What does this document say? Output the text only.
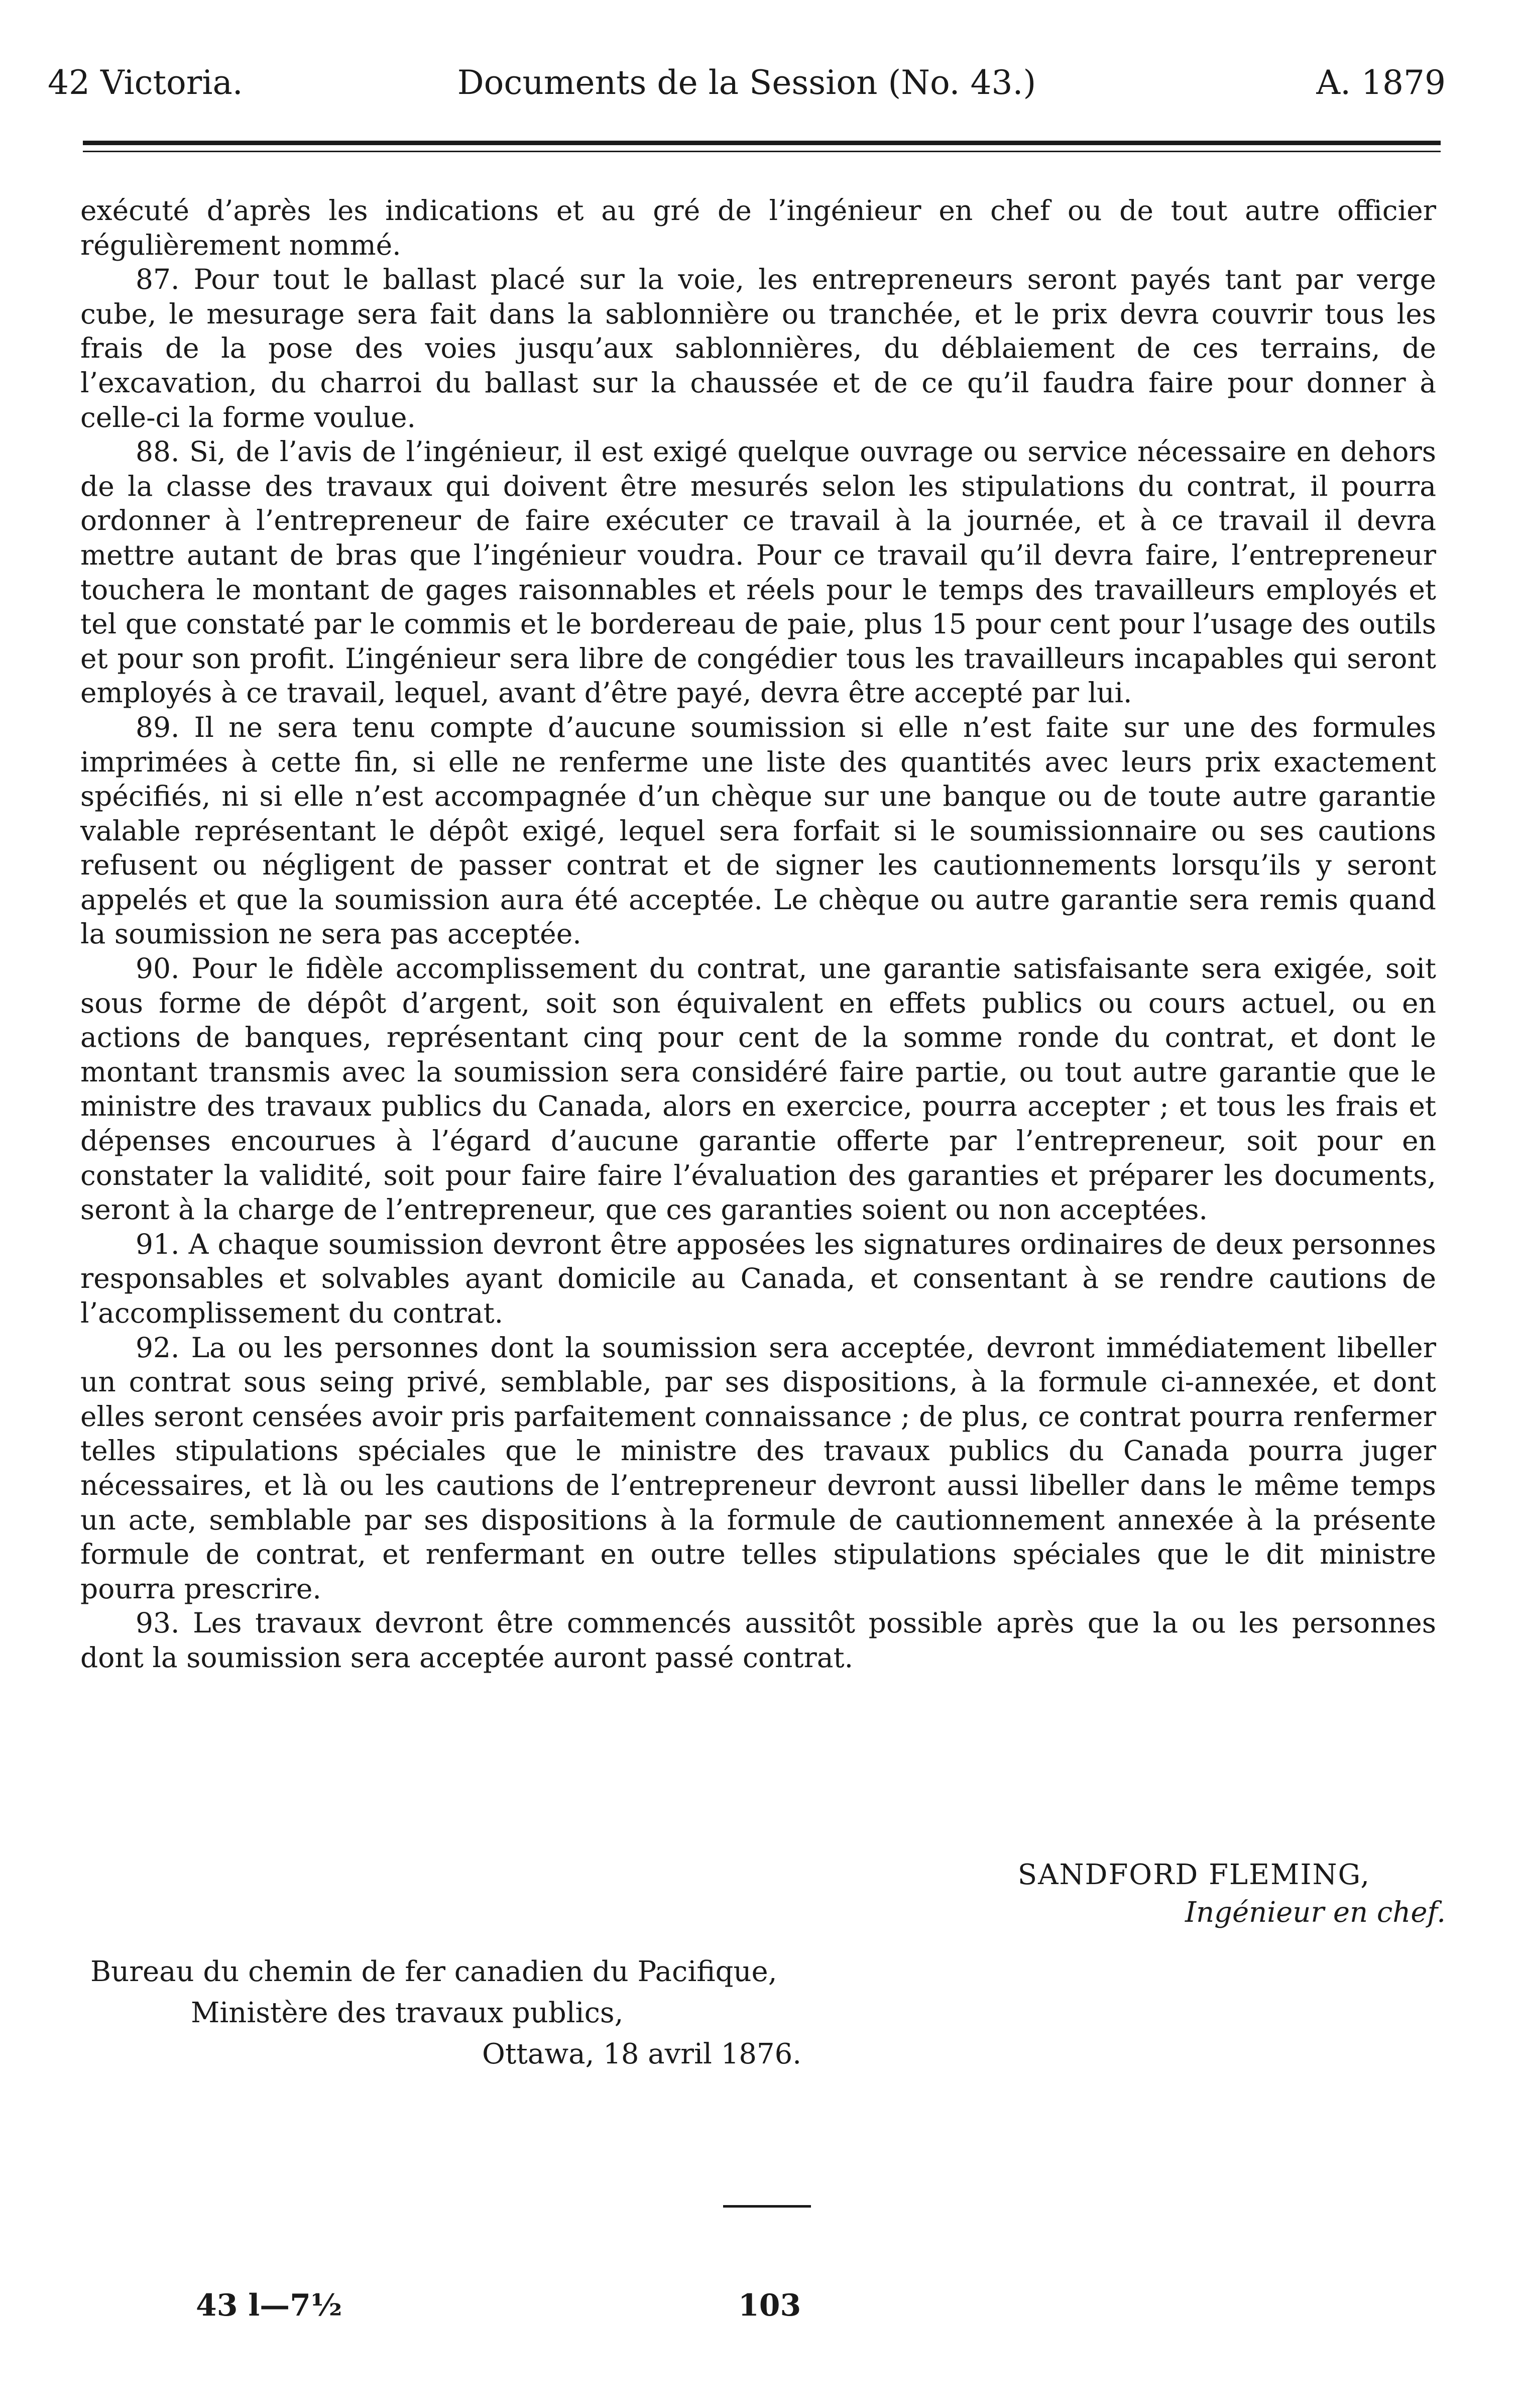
42 Victoria.	Documents de la Session (No. 43.)	A. 1879

exécuté d’après les indications et au gré de l’ingénieur en chef ou de tout autre officier régulièrement nommé.

87. Pour tout le ballast placé sur la voie, les entrepreneurs seront payés tant par verge cube, le mesurage sera fait dans la sablonnière ou tranchée, et le prix devra couvrir tous les frais de la pose des voies jusqu’aux sablonnières, du déblaiement de ces terrains, de l’excavation, du charroi du ballast sur la chaussée et de ce qu’il faudra faire pour donner à celle-ci la forme voulue.

88. Si, de l’avis de l’ingénieur, il est exigé quelque ouvrage ou service nécessaire en dehors de la classe des travaux qui doivent être mesurés selon les stipulations du contrat, il pourra ordonner à l’entrepreneur de faire exécuter ce travail à la journée, et à ce travail il devra mettre autant de bras que l’ingénieur voudra. Pour ce travail qu’il devra faire, l’entrepreneur touchera le montant de gages raisonnables et réels pour le temps des travailleurs employés et tel que constaté par le commis et le bordereau de paie, plus 15 pour cent pour l’usage des outils et pour son profit. L’ingénieur sera libre de congédier tous les travailleurs incapables qui seront employés à ce travail, lequel, avant d’être payé, devra être accepté par lui.

89. Il ne sera tenu compte d’aucune soumission si elle n’est faite sur une des formules imprimées à cette fin, si elle ne renferme une liste des quantités avec leurs prix exactement spécifiés, ni si elle n’est accompagnée d’un chèque sur une banque ou de toute autre garantie valable représentant le dépôt exigé, lequel sera forfait si le soumissionnaire ou ses cautions refusent ou négligent de passer contrat et de signer les cautionnements lorsqu’ils y seront appelés et que la soumission aura été acceptée. Le chèque ou autre garantie sera remis quand la soumission ne sera pas acceptée.

90. Pour le fidèle accomplissement du contrat, une garantie satisfaisante sera exigée, soit sous forme de dépôt d’argent, soit son équivalent en effets publics ou cours actuel, ou en actions de banques, représentant cinq pour cent de la somme ronde du contrat, et dont le montant transmis avec la soumission sera considéré faire partie, ou tout autre garantie que le ministre des travaux publics du Canada, alors en exercice, pourra accepter ; et tous les frais et dépenses encourues à l’égard d’aucune garantie offerte par l’entrepreneur, soit pour en constater la validité, soit pour faire faire l’évaluation des garanties et préparer les documents, seront à la charge de l’entrepreneur, que ces garanties soient ou non acceptées.

91. A chaque soumission devront être apposées les signatures ordinaires de deux personnes responsables et solvables ayant domicile au Canada, et consentant à se rendre cautions de l’accomplissement du contrat.

92. La ou les personnes dont la soumission sera acceptée, devront immédiatement libeller un contrat sous seing privé, semblable, par ses dispositions, à la formule ci-annexée, et dont elles seront censées avoir pris parfaitement connaissance ; de plus, ce contrat pourra renfermer telles stipulations spéciales que le ministre des travaux publics du Canada pourra juger nécessaires, et là ou les cautions de l’entrepreneur devront aussi libeller dans le même temps un acte, semblable par ses dispositions à la formule de cautionnement annexée à la présente formule de contrat, et renfermant en outre telles stipulations spéciales que le dit ministre pourra prescrire.

93. Les travaux devront être commencés aussitôt possible après que la ou les personnes dont la soumission sera acceptée auront passé contrat.

SANDFORD FLEMING,
Ingénieur en chef.
Bureau du chemin de fer canadien du Pacifique,
Ministère des travaux publics,
Ottawa, 18 avril 1876.
43 l—7½	103
